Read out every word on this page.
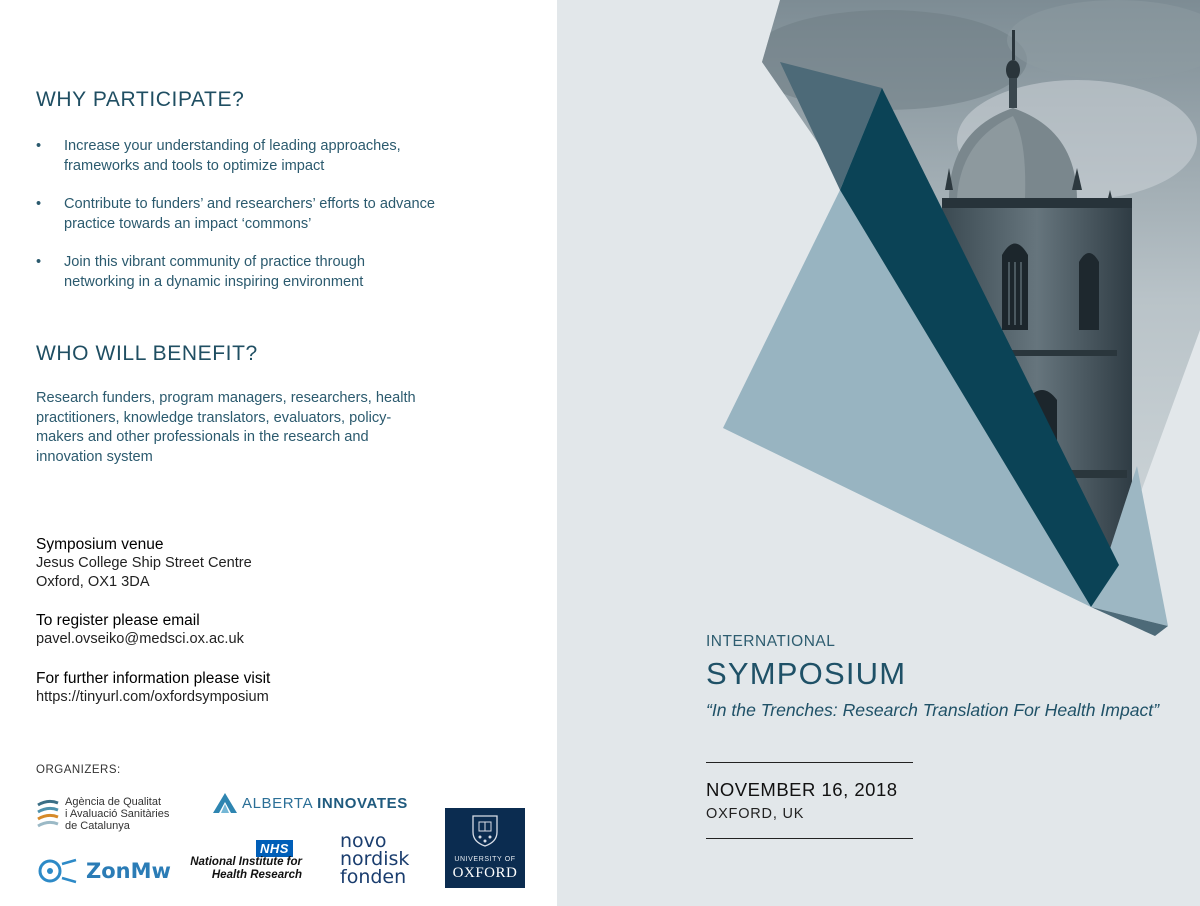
WHY PARTICIPATE?
• Increase your understanding of leading approaches, frameworks and tools to optimize impact
• Contribute to funders’ and researchers’ efforts to advance practice towards an impact ‘commons’
• Join this vibrant community of practice through networking in a dynamic inspiring environment
WHO WILL BENEFIT?

Research funders, program managers, researchers, health practitioners, knowledge translators, evaluators, policy-makers and other professionals in the research and innovation system

Symposium venue
Jesus College Ship Street Centre
Oxford, OX1 3DA
To register please email
pavel.ovseiko@medsci.ox.ac.uk
For further information please visit
https://tinyurl.com/oxfordsymposium
ORGANIZERS:
Agència de Qualitat
i Avaluació Sanitàries
de Catalunya
ALBERTA INNOVATES
ZonMw
NHS
National Institute for
Health Research
novo
nordisk
fonden
UNIVERSITY OF
OXFORD
INTERNATIONAL
SYMPOSIUM
“In the Trenches: Research Translation For Health Impact”
NOVEMBER 16, 2018
OXFORD, UK
